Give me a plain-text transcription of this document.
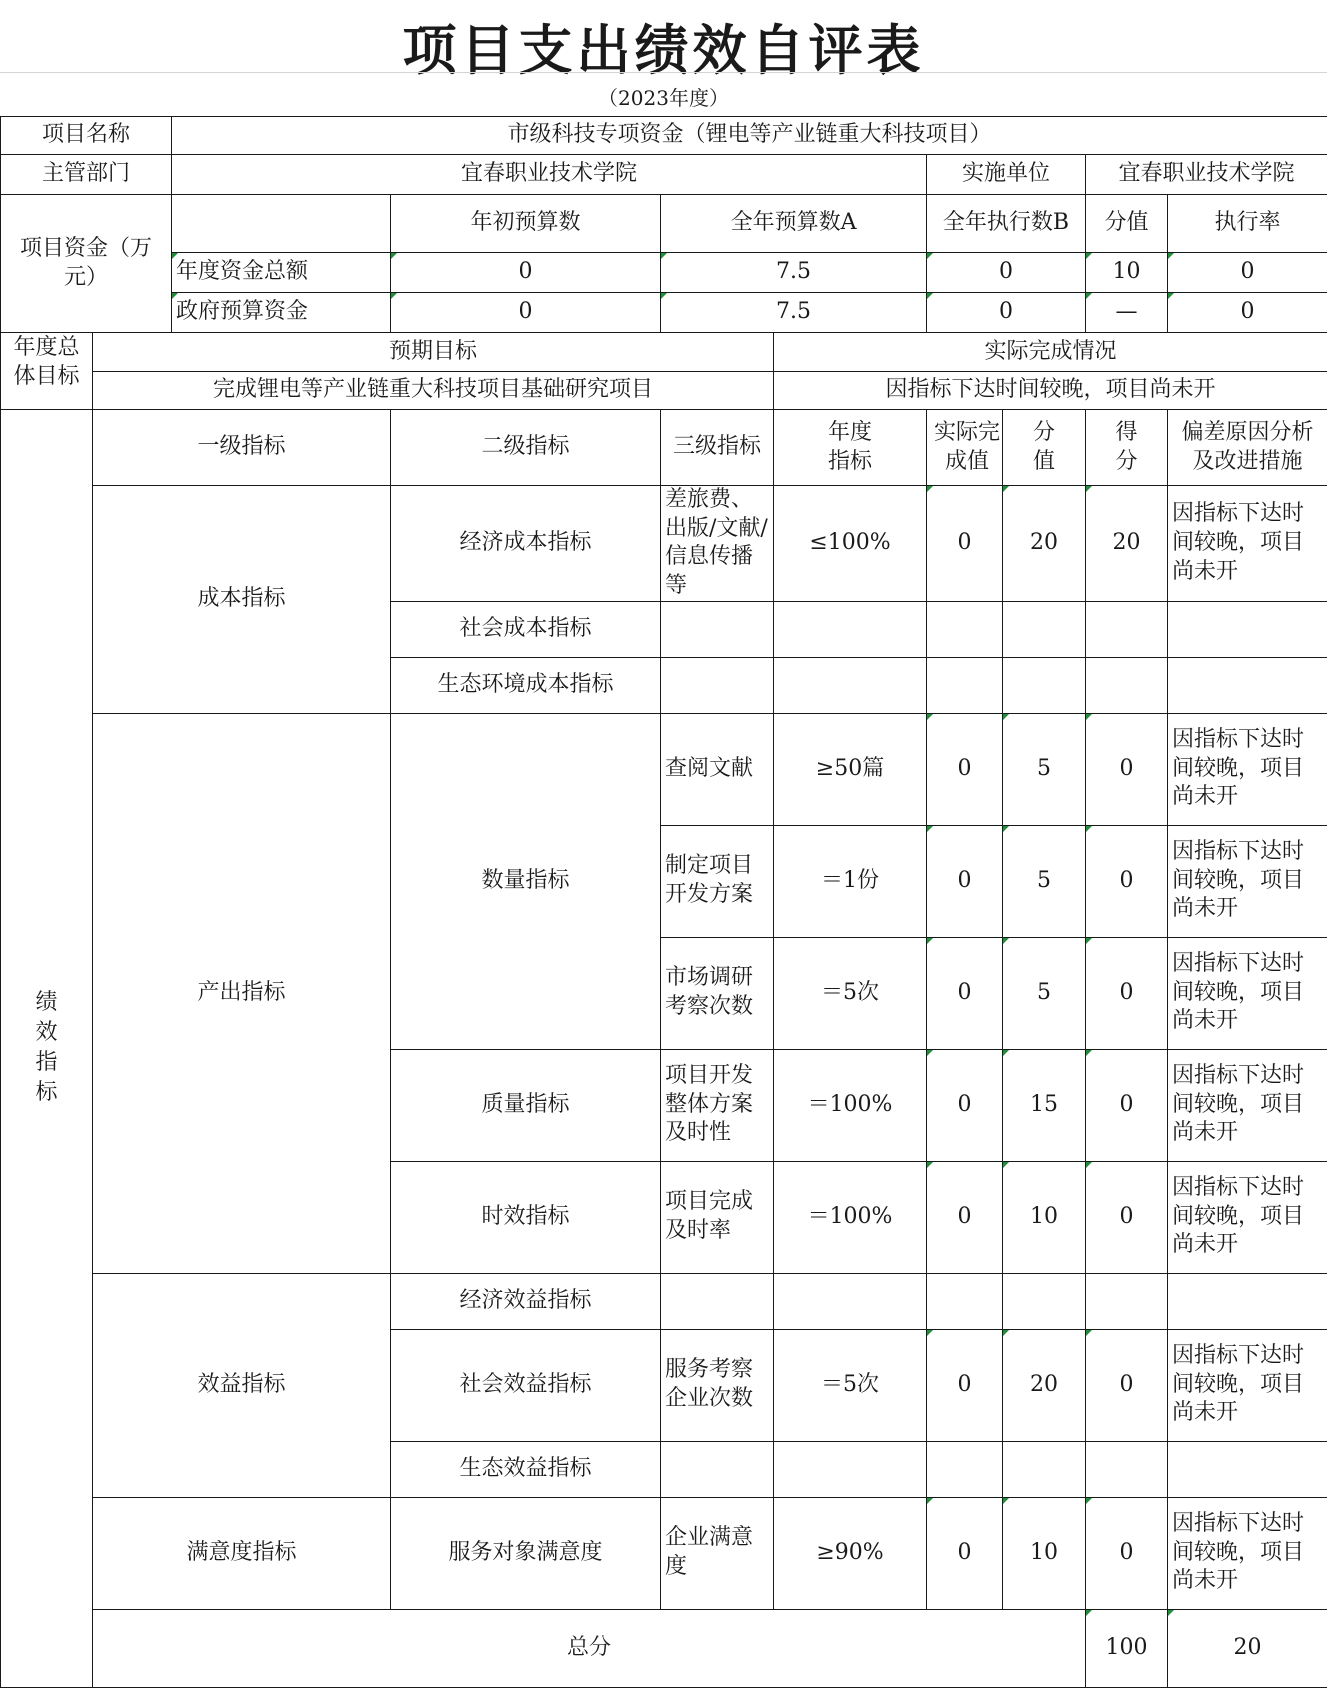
项目支出绩效自评表
（2023年度）
项目名称		市级科技专项资金（锂电等产业链重大科技项目）								
主管部门		宜春职业技术学院				实施单位		宜春职业技术学院		
项目资金（万元）			年初预算数	全年预算数A		全年执行数B		分值	执行率	
		年度资金总额	0	7.5		0		10	0	
		政府预算资金	0	7.5		0		—	0	

年度总体目标	预期目标				实际完成情况					
	完成锂电等产业链重大科技项目基础研究项目				因指标下达时间较晚，项目尚未开					

绩效指标	一级指标		二级指标	三级指标	年度指标	实际完成值	分值	得分	偏差原因分析及改进措施	

	成本指标		经济成本指标	差旅费、出版/文献/信息传播等	≤100%	0	20	20	因指标下达时间较晚，项目尚未开	
			社会成本指标							
			生态环境成本指标							
	产出指标		数量指标	查阅文献	≥50篇	0	5	0	因指标下达时间较晚，项目尚未开	
				制定项目开发方案	＝1份	0	5	0	因指标下达时间较晚，项目尚未开	
				市场调研考察次数	＝5次	0	5	0	因指标下达时间较晚，项目尚未开	
			质量指标	项目开发整体方案及时性	＝100%	0	15	0	因指标下达时间较晚，项目尚未开	
			时效指标	项目完成及时率	＝100%	0	10	0	因指标下达时间较晚，项目尚未开	
	效益指标		经济效益指标							
			社会效益指标	服务考察企业次数	＝5次	0	20	0	因指标下达时间较晚，项目尚未开	
			生态效益指标							
	满意度指标		服务对象满意度	企业满意度	≥90%	0	10	0	因指标下达时间较晚，项目尚未开	
	总分							100	20	
